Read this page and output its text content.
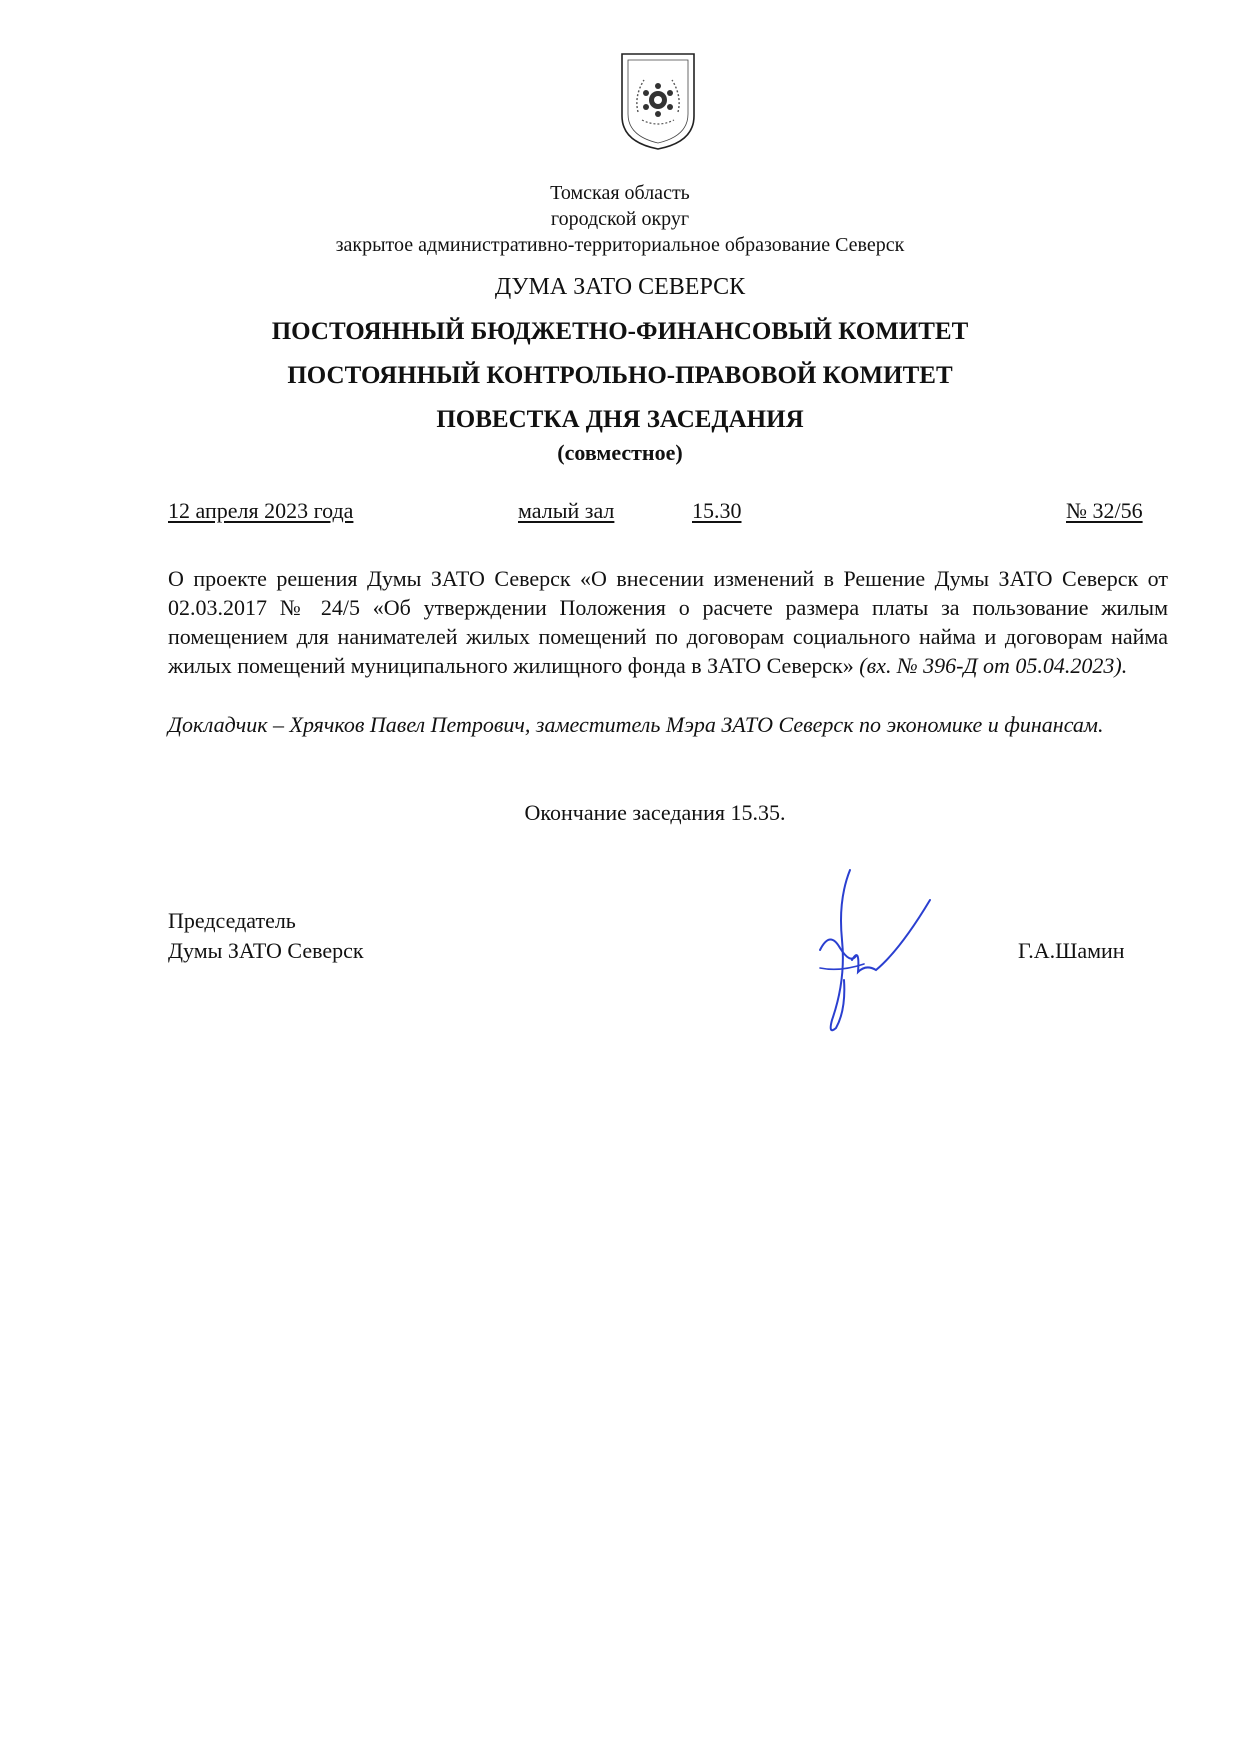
Томская область
городской округ
закрытое административно-территориальное образование Северск
ДУМА ЗАТО СЕВЕРСК
ПОСТОЯННЫЙ БЮДЖЕТНО-ФИНАНСОВЫЙ КОМИТЕТ
ПОСТОЯННЫЙ КОНТРОЛЬНО-ПРАВОВОЙ КОМИТЕТ
ПОВЕСТКА ДНЯ ЗАСЕДАНИЯ
(совместное)
12 апреля 2023 года	малый зал	15.30	№ 32/56
О проекте решения Думы ЗАТО Северск «О внесении изменений в Решение Думы ЗАТО Северск от 02.03.2017 № 24/5 «Об утверждении Положения о расчете размера платы за пользование жилым помещением для нанимателей жилых помещений по договорам социального найма и договорам найма жилых помещений муниципального жилищного фонда в ЗАТО Северск» (вх. № 396-Д от 05.04.2023).
Докладчик – Хрячков Павел Петрович, заместитель Мэра ЗАТО Северск по экономике и финансам.
Окончание заседания 15.35.
Председатель
Думы ЗАТО Северск	Г.А.Шамин
